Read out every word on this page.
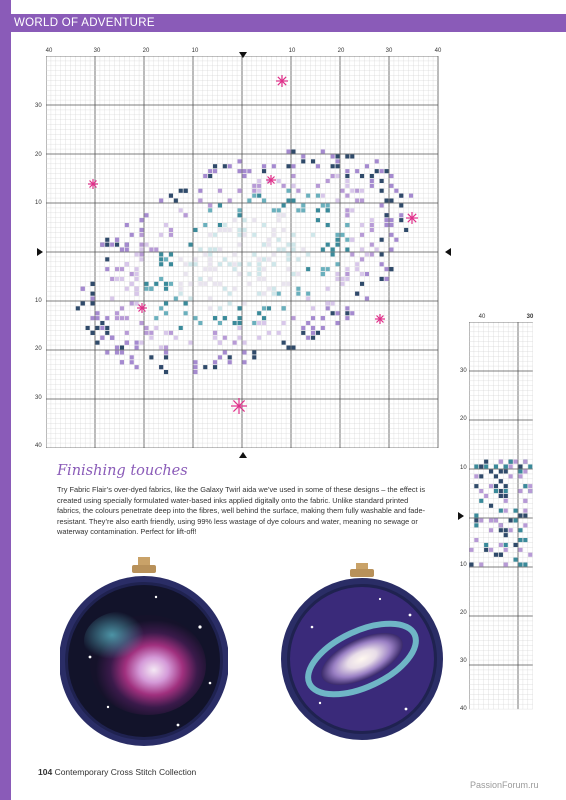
WORLD OF ADVENTURE
40	30	20	10	10	20	30	40
30
20
10
10
20
30
40
40	30
30
20
10
10
20
30
40
Finishing touches
Try Fabric Flair’s over-dyed fabrics, like the Galaxy Twirl aida we’ve used in some of these designs – the effect is created using specially formulated water-based inks applied digitally onto the fabric. Unlike standard printed fabrics, the colours penetrate deep into the fibres, well behind the surface, making them fully washable and fade-resistant. They’re also earth friendly, using 99% less wastage of dye colours and water, meaning no sewage or waterway contamination. Perfect for lift-off!
104 Contemporary Cross Stitch Collection
PassionForum.ru
